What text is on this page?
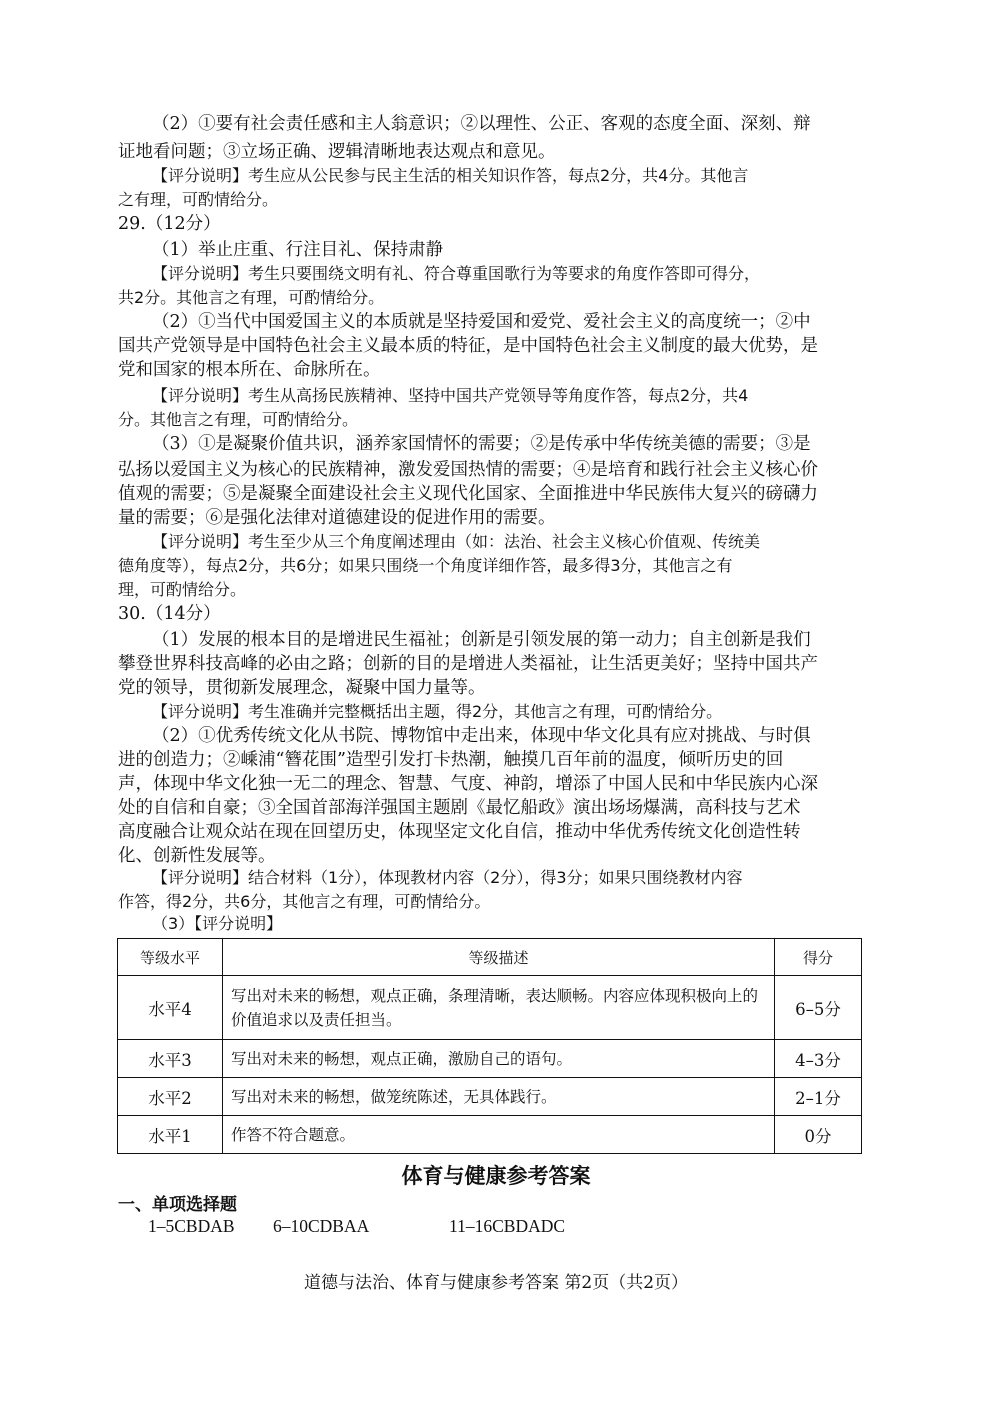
（2）①要有社会责任感和主人翁意识；②以理性、公正、客观的态度全面、深刻、辩
证地看问题；③立场正确、逻辑清晰地表达观点和意见。
【评分说明】考生应从公民参与民主生活的相关知识作答，每点2分，共4分。其他言
之有理，可酌情给分。
29.（12分）
（1）举止庄重、行注目礼、保持肃静
【评分说明】考生只要围绕文明有礼、符合尊重国歌行为等要求的角度作答即可得分，
共2分。其他言之有理，可酌情给分。
（2）①当代中国爱国主义的本质就是坚持爱国和爱党、爱社会主义的高度统一；②中
国共产党领导是中国特色社会主义最本质的特征，是中国特色社会主义制度的最大优势，是
党和国家的根本所在、命脉所在。
【评分说明】考生从高扬民族精神、坚持中国共产党领导等角度作答，每点2分，共4
分。其他言之有理，可酌情给分。
（3）①是凝聚价值共识，涵养家国情怀的需要；②是传承中华传统美德的需要；③是
弘扬以爱国主义为核心的民族精神，激发爱国热情的需要；④是培育和践行社会主义核心价
值观的需要；⑤是凝聚全面建设社会主义现代化国家、全面推进中华民族伟大复兴的磅礴力
量的需要；⑥是强化法律对道德建设的促进作用的需要。
【评分说明】考生至少从三个角度阐述理由（如：法治、社会主义核心价值观、传统美
德角度等），每点2分，共6分；如果只围绕一个角度详细作答，最多得3分，其他言之有
理，可酌情给分。
30.（14分）
（1）发展的根本目的是增进民生福祉；创新是引领发展的第一动力；自主创新是我们
攀登世界科技高峰的必由之路；创新的目的是增进人类福祉，让生活更美好；坚持中国共产
党的领导，贯彻新发展理念，凝聚中国力量等。
【评分说明】考生准确并完整概括出主题，得2分，其他言之有理，可酌情给分。
（2）①优秀传统文化从书院、博物馆中走出来，体现中华文化具有应对挑战、与时俱
进的创造力；②嵊浦“簪花围”造型引发打卡热潮，触摸几百年前的温度，倾听历史的回
声，体现中华文化独一无二的理念、智慧、气度、神韵，增添了中国人民和中华民族内心深
处的自信和自豪；③全国首部海洋强国主题剧《最忆船政》演出场场爆满，高科技与艺术
高度融合让观众站在现在回望历史，体现坚定文化自信，推动中华优秀传统文化创造性转
化、创新性发展等。
【评分说明】结合材料（1分），体现教材内容（2分），得3分；如果只围绕教材内容
作答，得2分，共6分，其他言之有理，可酌情给分。
（3）【评分说明】
等级水平	等级描述	得分
水平4	写出对未来的畅想，观点正确，条理清晰，表达顺畅。内容应体现积极向上的价值追求以及责任担当。	6–5分
水平3	写出对未来的畅想，观点正确，激励自己的语句。	4–3分
水平2	写出对未来的畅想，做笼统陈述，无具体践行。	2–1分
水平1	作答不符合题意。	0分
体育与健康参考答案
一、单项选择题
1–5CBDAB 6–10CDBAA	11–16CBDADC
道德与法治、体育与健康参考答案 第2页（共2页）
